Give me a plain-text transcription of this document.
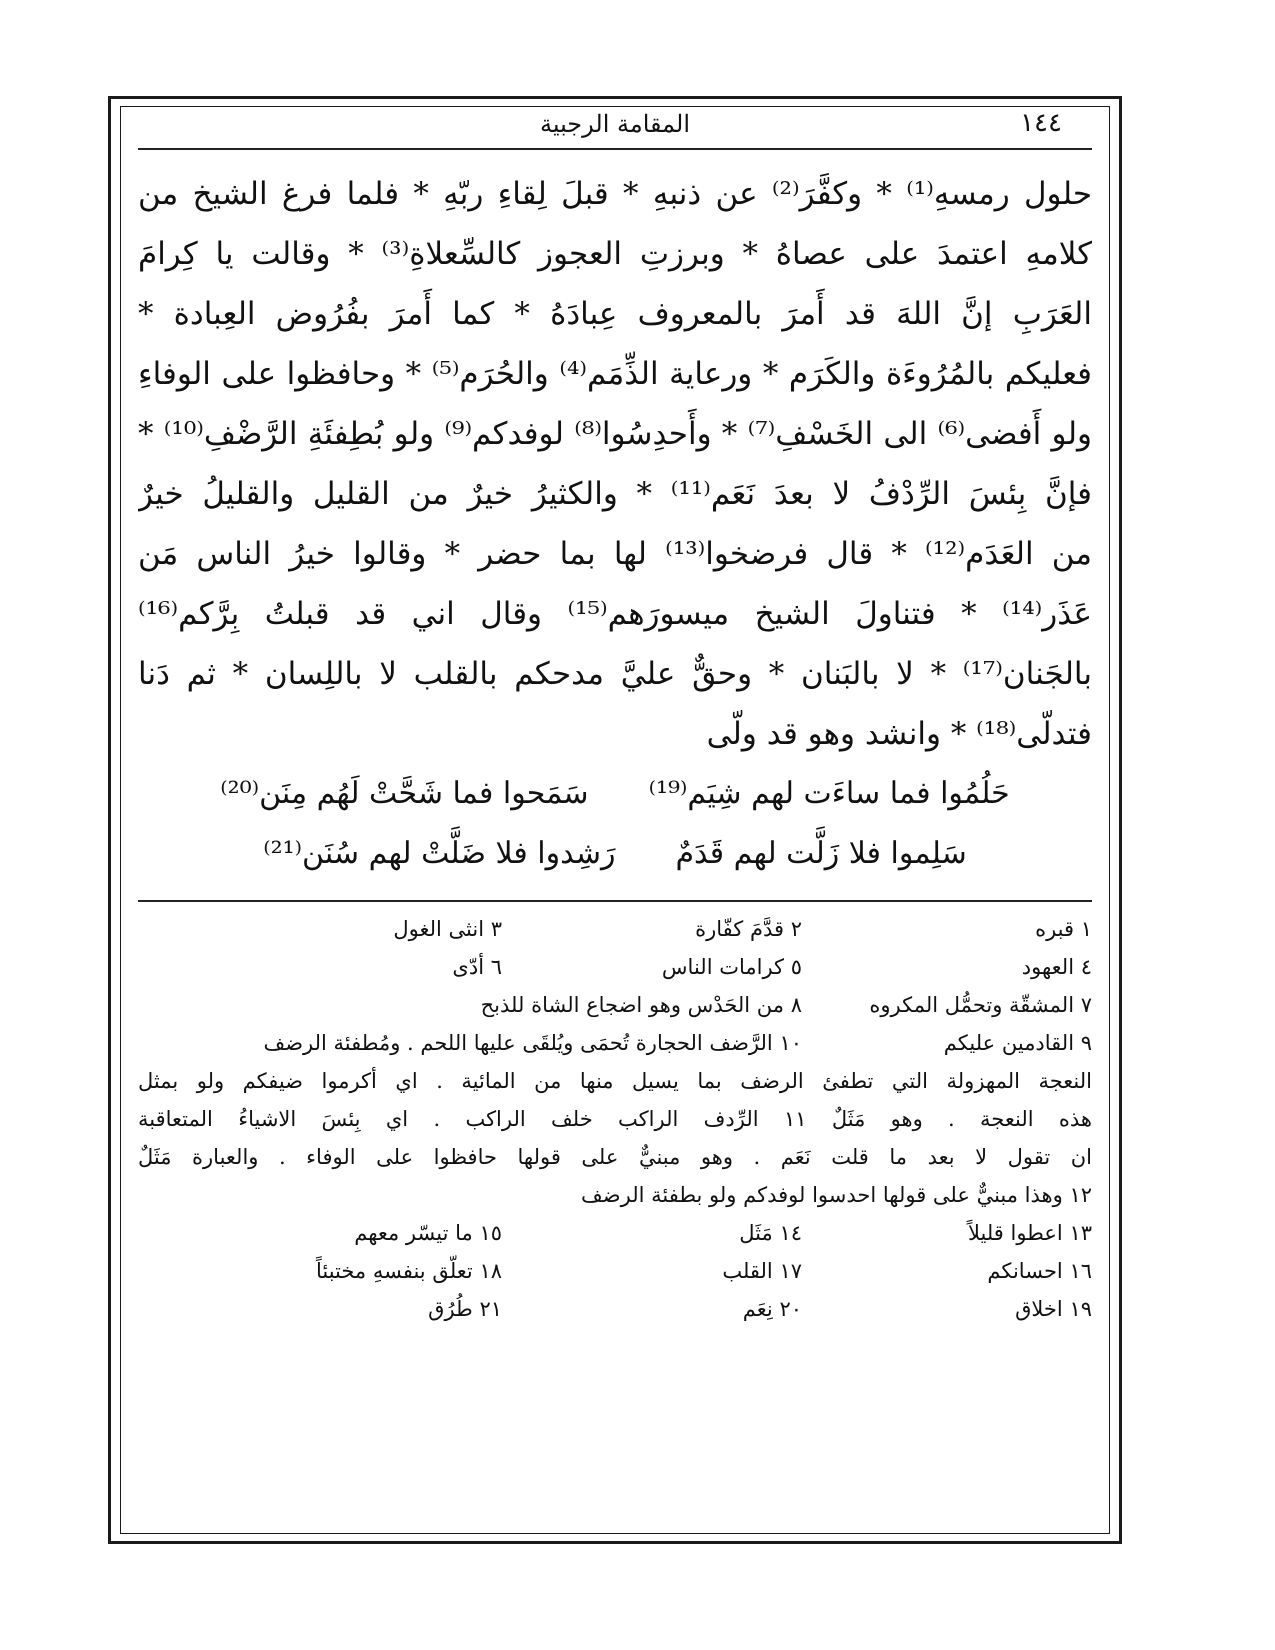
١٤٤
المقامة الرجبية
حلول رمسهِ⁽¹⁾ * وكفَّرَ⁽²⁾ عن ذنبهِ * قبلَ لِقاءِ ربّهِ * فلما فرغ الشيخ من
كلامهِ اعتمدَ على عصاهُ * وبرزتِ العجوز كالسِّعلاةِ⁽³⁾ * وقالت يا كِرامَ
العَرَبِ إنَّ اللهَ قد أَمرَ بالمعروف عِبادَهُ * كما أَمرَ بفُرُوض العِبادة *
فعليكم بالمُرُوءَة والكَرَم * ورعاية الذِّمَم⁽⁴⁾ والحُرَم⁽⁵⁾ * وحافظوا على الوفاءِ
ولو أَفضى⁽⁶⁾ الى الخَسْفِ⁽⁷⁾ * وأَحدِسُوا⁽⁸⁾ لوفدكم⁽⁹⁾ ولو بُطِفئَةِ الرَّضْفِ⁽¹⁰⁾ *
فإنَّ بِئسَ الرِّدْفُ لا بعدَ نَعَم⁽¹¹⁾ * والكثيرُ خيرٌ من القليل والقليلُ خيرٌ
من العَدَم⁽¹²⁾ * قال فرضخوا⁽¹³⁾ لها بما حضر * وقالوا خيرُ الناس مَن
عَذَر⁽¹⁴⁾ * فتناولَ الشيخ ميسورَهم⁽¹⁵⁾ وقال اني قد قبلتُ بِرَّكم⁽¹⁶⁾
بالجَنان⁽¹⁷⁾ * لا بالبَنان * وحقٌّ عليَّ مدحكم بالقلب لا باللِسان * ثم دَنا
فتدلّى⁽¹⁸⁾ * وانشد وهو قد ولّى
حَلُمُوا فما ساءَت لهم شِيَم⁽¹⁹⁾
سَمَحوا فما شَحَّتْ لَهُم مِنَن⁽²⁰⁾
سَلِموا فلا زَلَّت لهم قَدَمٌ
رَشِدوا فلا ضَلَّتْ لهم سُنَن⁽²¹⁾
١ قبره
٢ قدَّمَ كفّارة
٣ انثى الغول
٤ العهود
٥ كرامات الناس
٦ أدّى
٧ المشقّة وتحمُّل المكروه
٨ من الحَدْس وهو اضجاع الشاة للذبح
٩ القادمين عليكم
١٠ الرَّضف الحجارة تُحمَى ويُلقَى عليها اللحم . ومُطفئة الرضف
النعجة المهزولة التي تطفئ الرضف بما يسيل منها من المائية . اي أكرموا ضيفكم ولو بمثل
هذه النعجة . وهو مَثَلٌ ١١ الرِّدف الراكب خلف الراكب . اي بِئسَ الاشياءُ المتعاقبة
ان تقول لا بعد ما قلت نَعَم . وهو مبنيٌّ على قولها حافظوا على الوفاء . والعبارة مَثَلٌ
١٢ وهذا مبنيٌّ على قولها احدسوا لوفدكم ولو بطفئة الرضف
١٣ اعطوا قليلاً
١٤ مَثَل
١٥ ما تيسّر معهم
١٦ احسانكم
١٧ القلب
١٨ تعلّق بنفسهِ مختبئاً
١٩ اخلاق
٢٠ نِعَم
٢١ طُرُق
